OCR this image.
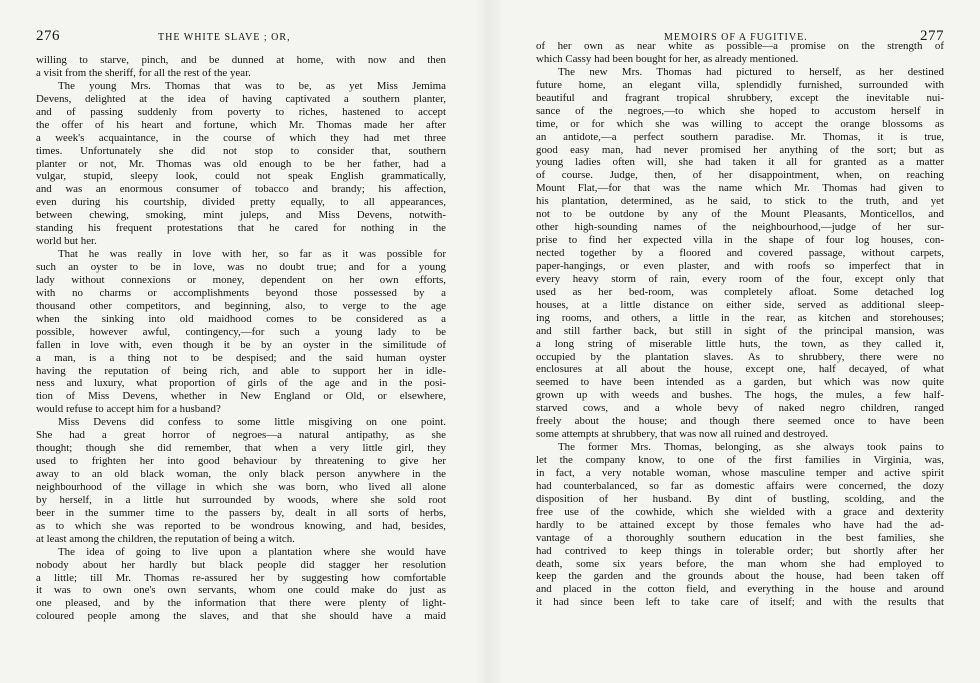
276	THE WHITE SLAVE ; OR,
willing to starve, pinch, and be dunned at home, with now and then
a visit from the sheriff, for all the rest of the year.
The young Mrs. Thomas that was to be, as yet Miss Jemima
Devens, delighted at the idea of having captivated a southern planter,
and of passing suddenly from poverty to riches, hastened to accept
the offer of his heart and fortune, which Mr. Thomas made her after
a week's acquaintance, in the course of which they had met three
times. Unfortunately she did not stop to consider that, southern
planter or not, Mr. Thomas was old enough to be her father, had a
vulgar, stupid, sleepy look, could not speak English grammatically,
and was an enormous consumer of tobacco and brandy; his affection,
even during his courtship, divided pretty equally, to all appearances,
between chewing, smoking, mint juleps, and Miss Devens, notwith-
standing his frequent protestations that he cared for nothing in the
world but her.
That he was really in love with her, so far as it was possible for
such an oyster to be in love, was no doubt true; and for a young
lady without connexions or money, dependent on her own efforts,
with no charms or accomplishments beyond those possessed by a
thousand other competitors, and beginning, also, to verge to the age
when the sinking into old maidhood comes to be considered as a
possible, however awful, contingency,—for such a young lady to be
fallen in love with, even though it be by an oyster in the similitude of
a man, is a thing not to be despised; and the said human oyster
having the reputation of being rich, and able to support her in idle-
ness and luxury, what proportion of girls of the age and in the posi-
tion of Miss Devens, whether in New England or Old, or elsewhere,
would refuse to accept him for a husband?
Miss Devens did confess to some little misgiving on one point.
She had a great horror of negroes—a natural antipathy, as she
thought; though she did remember, that when a very little girl, they
used to frighten her into good behaviour by threatening to give her
away to an old black woman, the only black person anywhere in the
neighbourhood of the village in which she was born, who lived all alone
by herself, in a little hut surrounded by woods, where she sold root
beer in the summer time to the passers by, dealt in all sorts of herbs,
as to which she was reported to be wondrous knowing, and had, besides,
at least among the children, the reputation of being a witch.
The idea of going to live upon a plantation where she would have
nobody about her hardly but black people did stagger her resolution
a little; till Mr. Thomas re-assured her by suggesting how comfortable
it was to own one's own servants, whom one could make do just as
one pleased, and by the information that there were plenty of light-
coloured people among the slaves, and that she should have a maid
MEMOIRS OF A FUGITIVE.	277
of her own as near white as possible—a promise on the strength of
which Cassy had been bought for her, as already mentioned.
The new Mrs. Thomas had pictured to herself, as her destined
future home, an elegant villa, splendidly furnished, surrounded with
beautiful and fragrant tropical shrubbery, except the inevitable nui-
sance of the negroes,—to which she hoped to accustom herself in
time, or for which she was willing to accept the orange blossoms as
an antidote,—a perfect southern paradise. Mr. Thomas, it is true,
good easy man, had never promised her anything of the sort; but as
young ladies often will, she had taken it all for granted as a matter
of course. Judge, then, of her disappointment, when, on reaching
Mount Flat,—for that was the name which Mr. Thomas had given to
his plantation, determined, as he said, to stick to the truth, and yet
not to be outdone by any of the Mount Pleasants, Monticellos, and
other high-sounding names of the neighbourhood,—judge of her sur-
prise to find her expected villa in the shape of four log houses, con-
nected together by a floored and covered passage, without carpets,
paper-hangings, or even plaster, and with roofs so imperfect that in
every heavy storm of rain, every room of the four, except only that
used as her bed-room, was completely afloat. Some detached log
houses, at a little distance on either side, served as additional sleep-
ing rooms, and others, a little in the rear, as kitchen and storehouses;
and still farther back, but still in sight of the principal mansion, was
a long string of miserable little huts, the town, as they called it,
occupied by the plantation slaves. As to shrubbery, there were no
enclosures at all about the house, except one, half decayed, of what
seemed to have been intended as a garden, but which was now quite
grown up with weeds and bushes. The hogs, the mules, a few half-
starved cows, and a whole bevy of naked negro children, ranged
freely about the house; and though there seemed once to have been
some attempts at shrubbery, that was now all ruined and destroyed.
The former Mrs. Thomas, belonging, as she always took pains to
let the company know, to one of the first families in Virginia, was,
in fact, a very notable woman, whose masculine temper and active spirit
had counterbalanced, so far as domestic affairs were concerned, the dozy
disposition of her husband. By dint of bustling, scolding, and the
free use of the cowhide, which she wielded with a grace and dexterity
hardly to be attained except by those females who have had the ad-
vantage of a thoroughly southern education in the best families, she
had contrived to keep things in tolerable order; but shortly after her
death, some six years before, the man whom she had employed to
keep the garden and the grounds about the house, had been taken off
and placed in the cotton field, and everything in the house and around
it had since been left to take care of itself; and with the results that
